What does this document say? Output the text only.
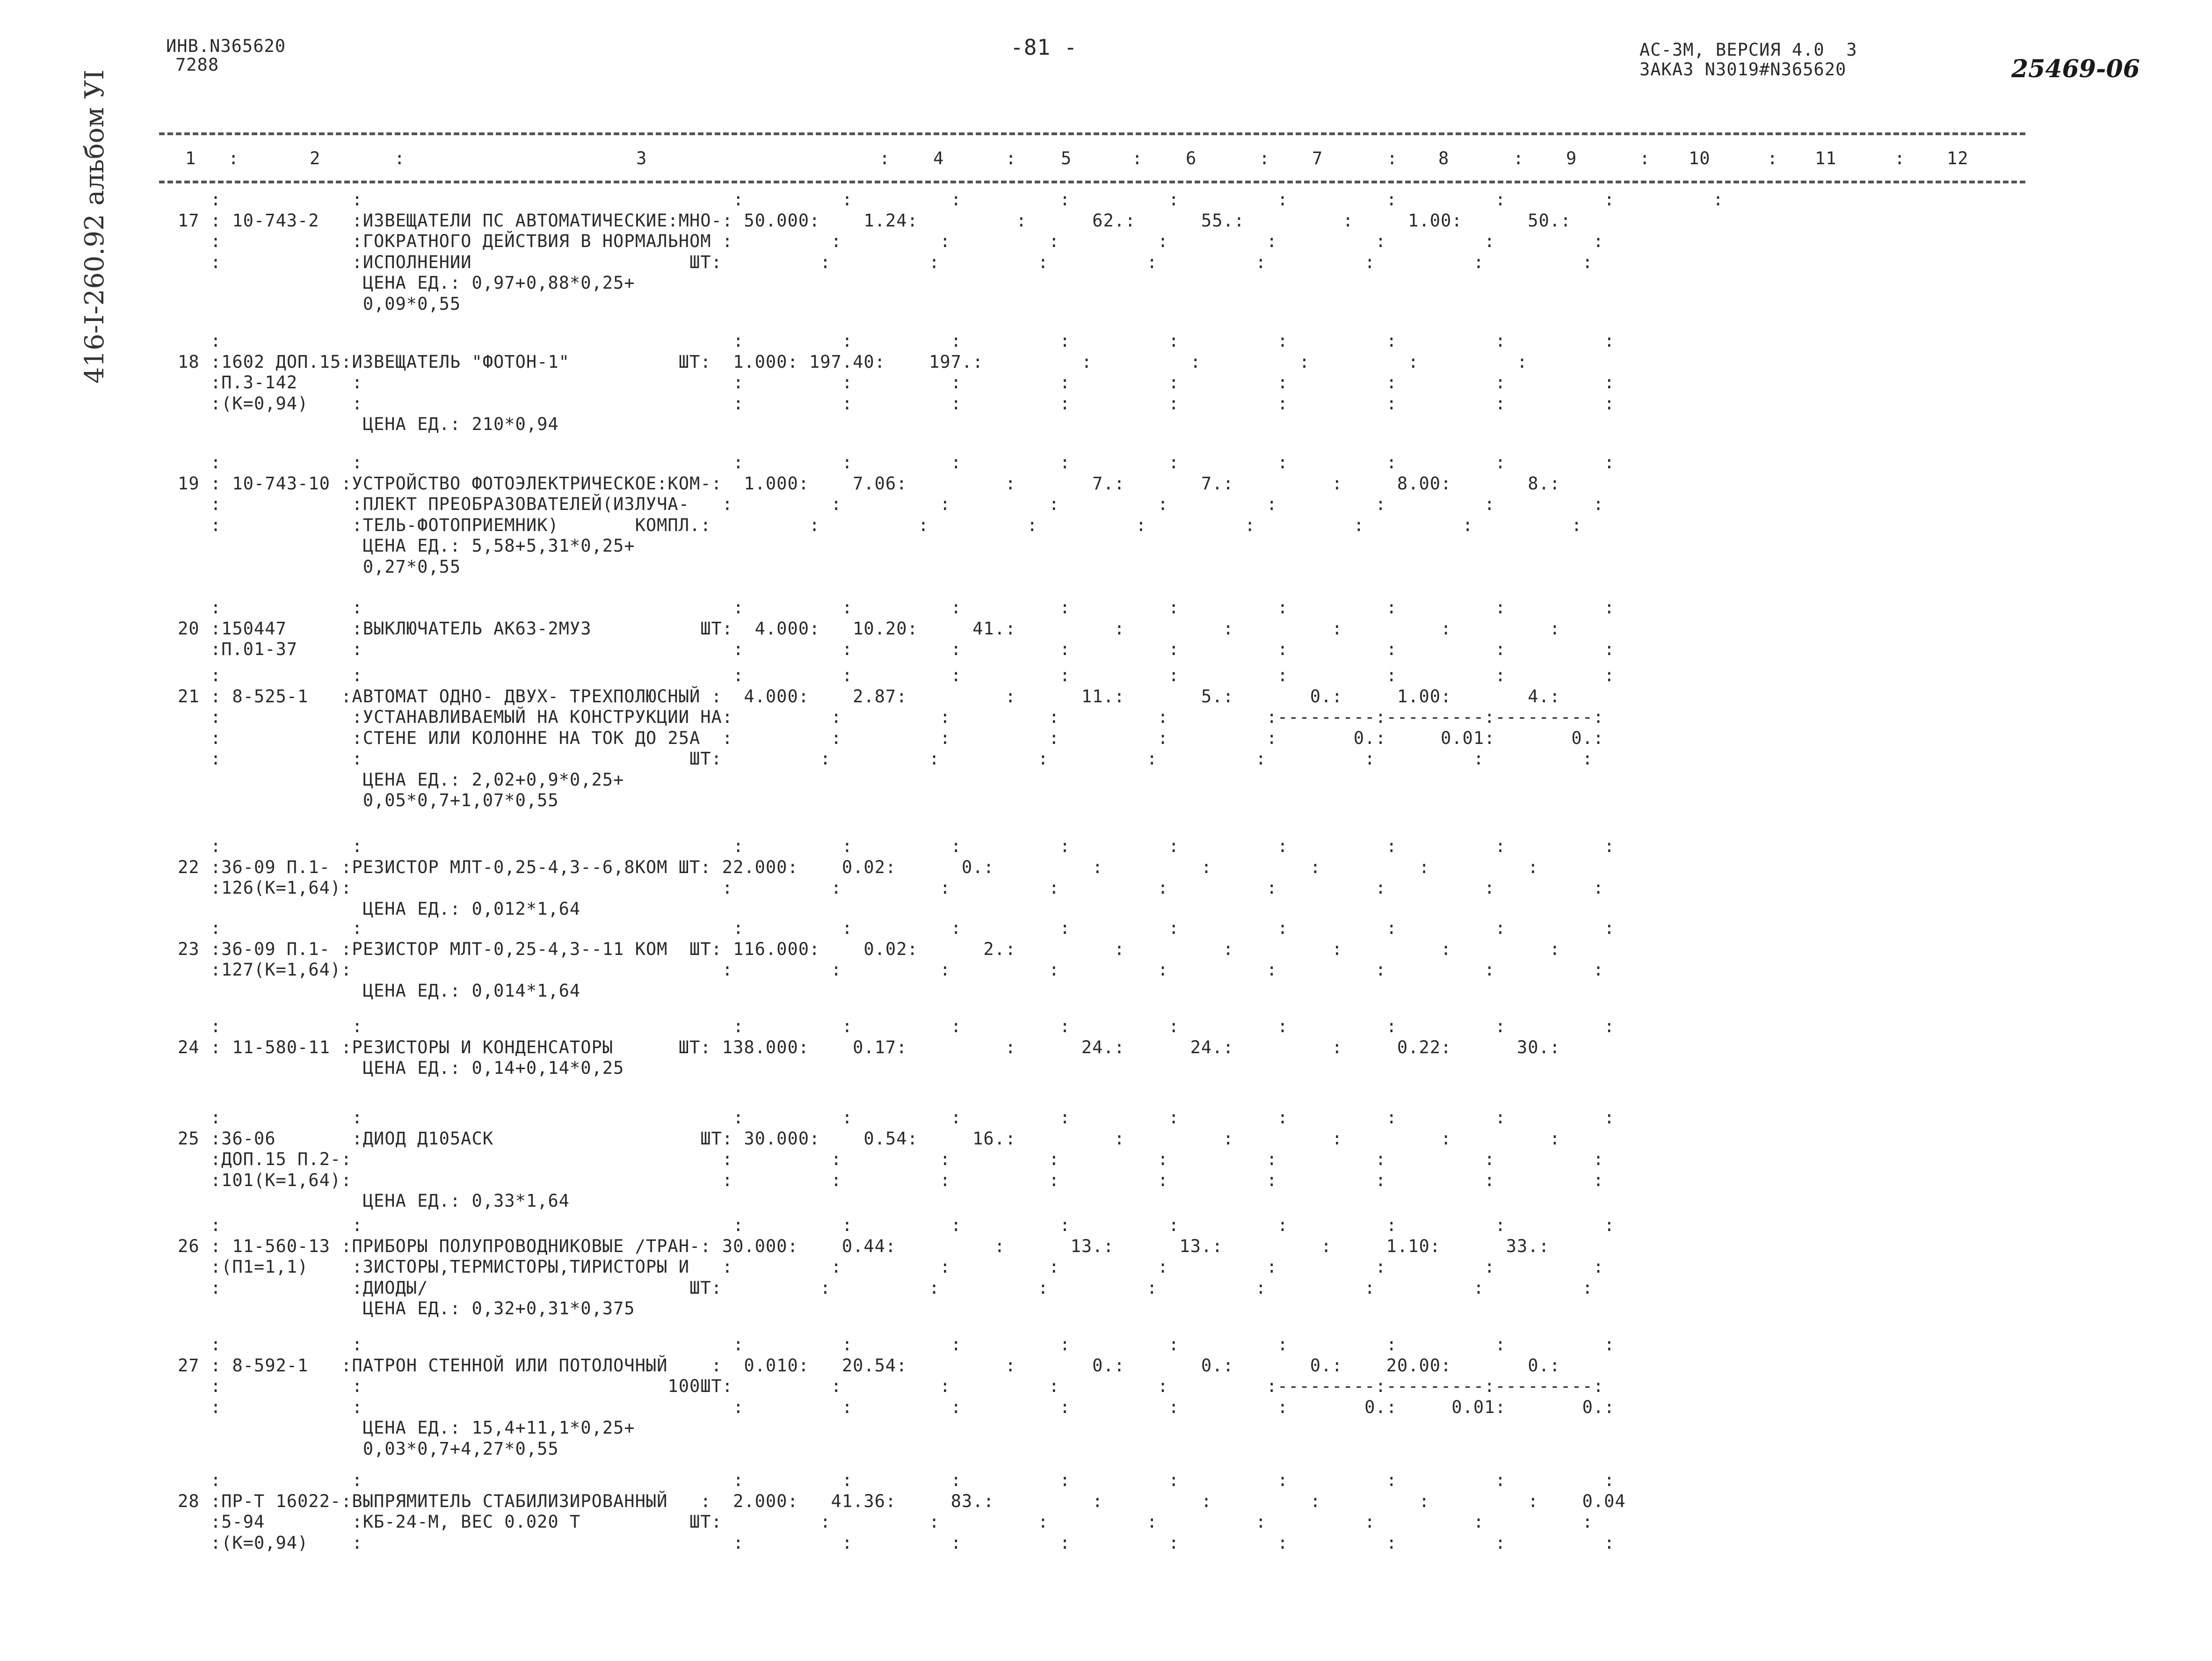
ИНВ.N365620
7288
-81 -	АС-3М, ВЕРСИЯ 4.0  3
ЗАКАЗ N3019#N365620	25469-06
416-I-260.92 альбом УI	1 :	2	:	3	: 4	:	5	: 6	: 7	: 8	: 9	: 10	: 11	: 12
:            :                                  :         :         :         :         :         :         :         :         :         :
17 : 10-743-2   :ИЗВЕЩАТЕЛИ ПС АВТОМАТИЧЕСКИЕ:МНО-: 50.000:    1.24:         :      62.:      55.:         :     1.00:      50.:
:            :ГОКРАТНОГО ДЕЙСТВИЯ В НОРМАЛЬНОМ :         :         :         :         :         :         :         :         :
:            :ИСПОЛНЕНИИ                    ШТ:         :         :         :         :         :         :         :         :
ЦЕНА ЕД.: 0,97+0,88*0,25+
0,09*0,55
:                                               :         :         :         :         :         :         :         :         :
18 :1602 ДОП.15:ИЗВЕЩАТЕЛЬ "ФОТОН-1"          ШТ:  1.000: 197.40:    197.:         :         :         :         :         :
:П.3-142     :                                  :         :         :         :         :         :         :         :         :
:(К=0,94)    :                                  :         :         :         :         :         :         :         :         :
ЦЕНА ЕД.: 210*0,94
:            :                                  :         :         :         :         :         :         :         :         :
19 : 10-743-10 :УСТРОЙСТВО ФОТОЭЛЕКТРИЧЕСКОЕ:КОМ-:  1.000:    7.06:         :       7.:       7.:         :     8.00:       8.:
:            :ПЛЕКТ ПРЕОБРАЗОВАТЕЛЕЙ(ИЗЛУЧА-   :         :         :         :         :         :         :         :         :
:            :ТЕЛЬ-ФОТОПРИЕМНИК)       КОМПЛ.:         :         :         :         :         :         :         :         :
ЦЕНА ЕД.: 5,58+5,31*0,25+
0,27*0,55
:            :                                  :         :         :         :         :         :         :         :         :
20 :150447      :ВЫКЛЮЧАТЕЛЬ АК63-2МУ3          ШТ:  4.000:   10.20:     41.:         :         :         :         :         :
:П.01-37     :                                  :         :         :         :         :         :         :         :         :
:            :                                  :         :         :         :         :         :         :         :         :
21 : 8-525-1   :АВТОМАТ ОДНО- ДВУХ- ТРЕХПОЛЮСНЫЙ :  4.000:    2.87:         :      11.:       5.:       0.:     1.00:       4.:
:            :УСТАНАВЛИВАЕМЫЙ НА КОНСТРУКЦИИ НА:         :         :         :         :         :---------:---------:---------:
:            :СТЕНЕ ИЛИ КОЛОННЕ НА ТОК ДО 25А  :         :         :         :         :         :       0.:     0.01:       0.:
:            :                              ШТ:         :         :         :         :         :         :         :         :
ЦЕНА ЕД.: 2,02+0,9*0,25+
0,05*0,7+1,07*0,55
:            :                                  :         :         :         :         :         :         :         :         :
22 :36-09 П.1- :РЕЗИСТОР МЛТ-0,25-4,3--6,8КОМ ШТ: 22.000:    0.02:      0.:         :         :         :         :         :
:126(К=1,64):                                  :         :         :         :         :         :         :         :         :
ЦЕНА ЕД.: 0,012*1,64
:            :                                  :         :         :         :         :         :         :         :         :
23 :36-09 П.1- :РЕЗИСТОР МЛТ-0,25-4,3--11 КОМ  ШТ: 116.000:    0.02:      2.:         :         :         :         :         :
:127(К=1,64):                                  :         :         :         :         :         :         :         :         :
ЦЕНА ЕД.: 0,014*1,64
:            :                                  :         :         :         :         :         :         :         :         :
24 : 11-580-11 :РЕЗИСТОРЫ И КОНДЕНСАТОРЫ      ШТ: 138.000:    0.17:         :      24.:      24.:         :     0.22:      30.:
ЦЕНА ЕД.: 0,14+0,14*0,25
:            :                                  :         :         :         :         :         :         :         :         :
25 :36-06       :ДИОД Д105АСК                   ШТ: 30.000:    0.54:     16.:         :         :         :         :         :
:ДОП.15 П.2-:                                  :         :         :         :         :         :         :         :         :
:101(К=1,64):                                  :         :         :         :         :         :         :         :         :
ЦЕНА ЕД.: 0,33*1,64
:            :                                  :         :         :         :         :         :         :         :         :
26 : 11-560-13 :ПРИБОРЫ ПОЛУПРОВОДНИКОВЫЕ /ТРАН-: 30.000:    0.44:         :      13.:      13.:         :     1.10:      33.:
:(П1=1,1)    :ЗИСТОРЫ,ТЕРМИСТОРЫ,ТИРИСТОРЫ И   :         :         :         :         :         :         :         :         :
:            :ДИОДЫ/                        ШТ:         :         :         :         :         :         :         :         :
ЦЕНА ЕД.: 0,32+0,31*0,375
:            :                                  :         :         :         :         :         :         :         :         :
27 : 8-592-1   :ПАТРОН СТЕННОЙ ИЛИ ПОТОЛОЧНЫЙ    :  0.010:   20.54:         :       0.:       0.:       0.:    20.00:       0.:
:            :                            100ШТ:         :         :         :         :         :---------:---------:---------:
:            :                                  :         :         :         :         :         :       0.:     0.01:       0.:
ЦЕНА ЕД.: 15,4+11,1*0,25+
0,03*0,7+4,27*0,55
:            :                                  :         :         :         :         :         :         :         :         :
28 :ПР-Т 16022-:ВЫПРЯМИТЕЛЬ СТАБИЛИЗИРОВАННЫЙ   :  2.000:   41.36:     83.:         :         :         :         :         :    0.04
:5-94        :КБ-24-М, ВЕС 0.020 Т          ШТ:         :         :         :         :         :         :         :         :
:(К=0,94)    :                                  :         :         :         :         :         :         :         :         :
